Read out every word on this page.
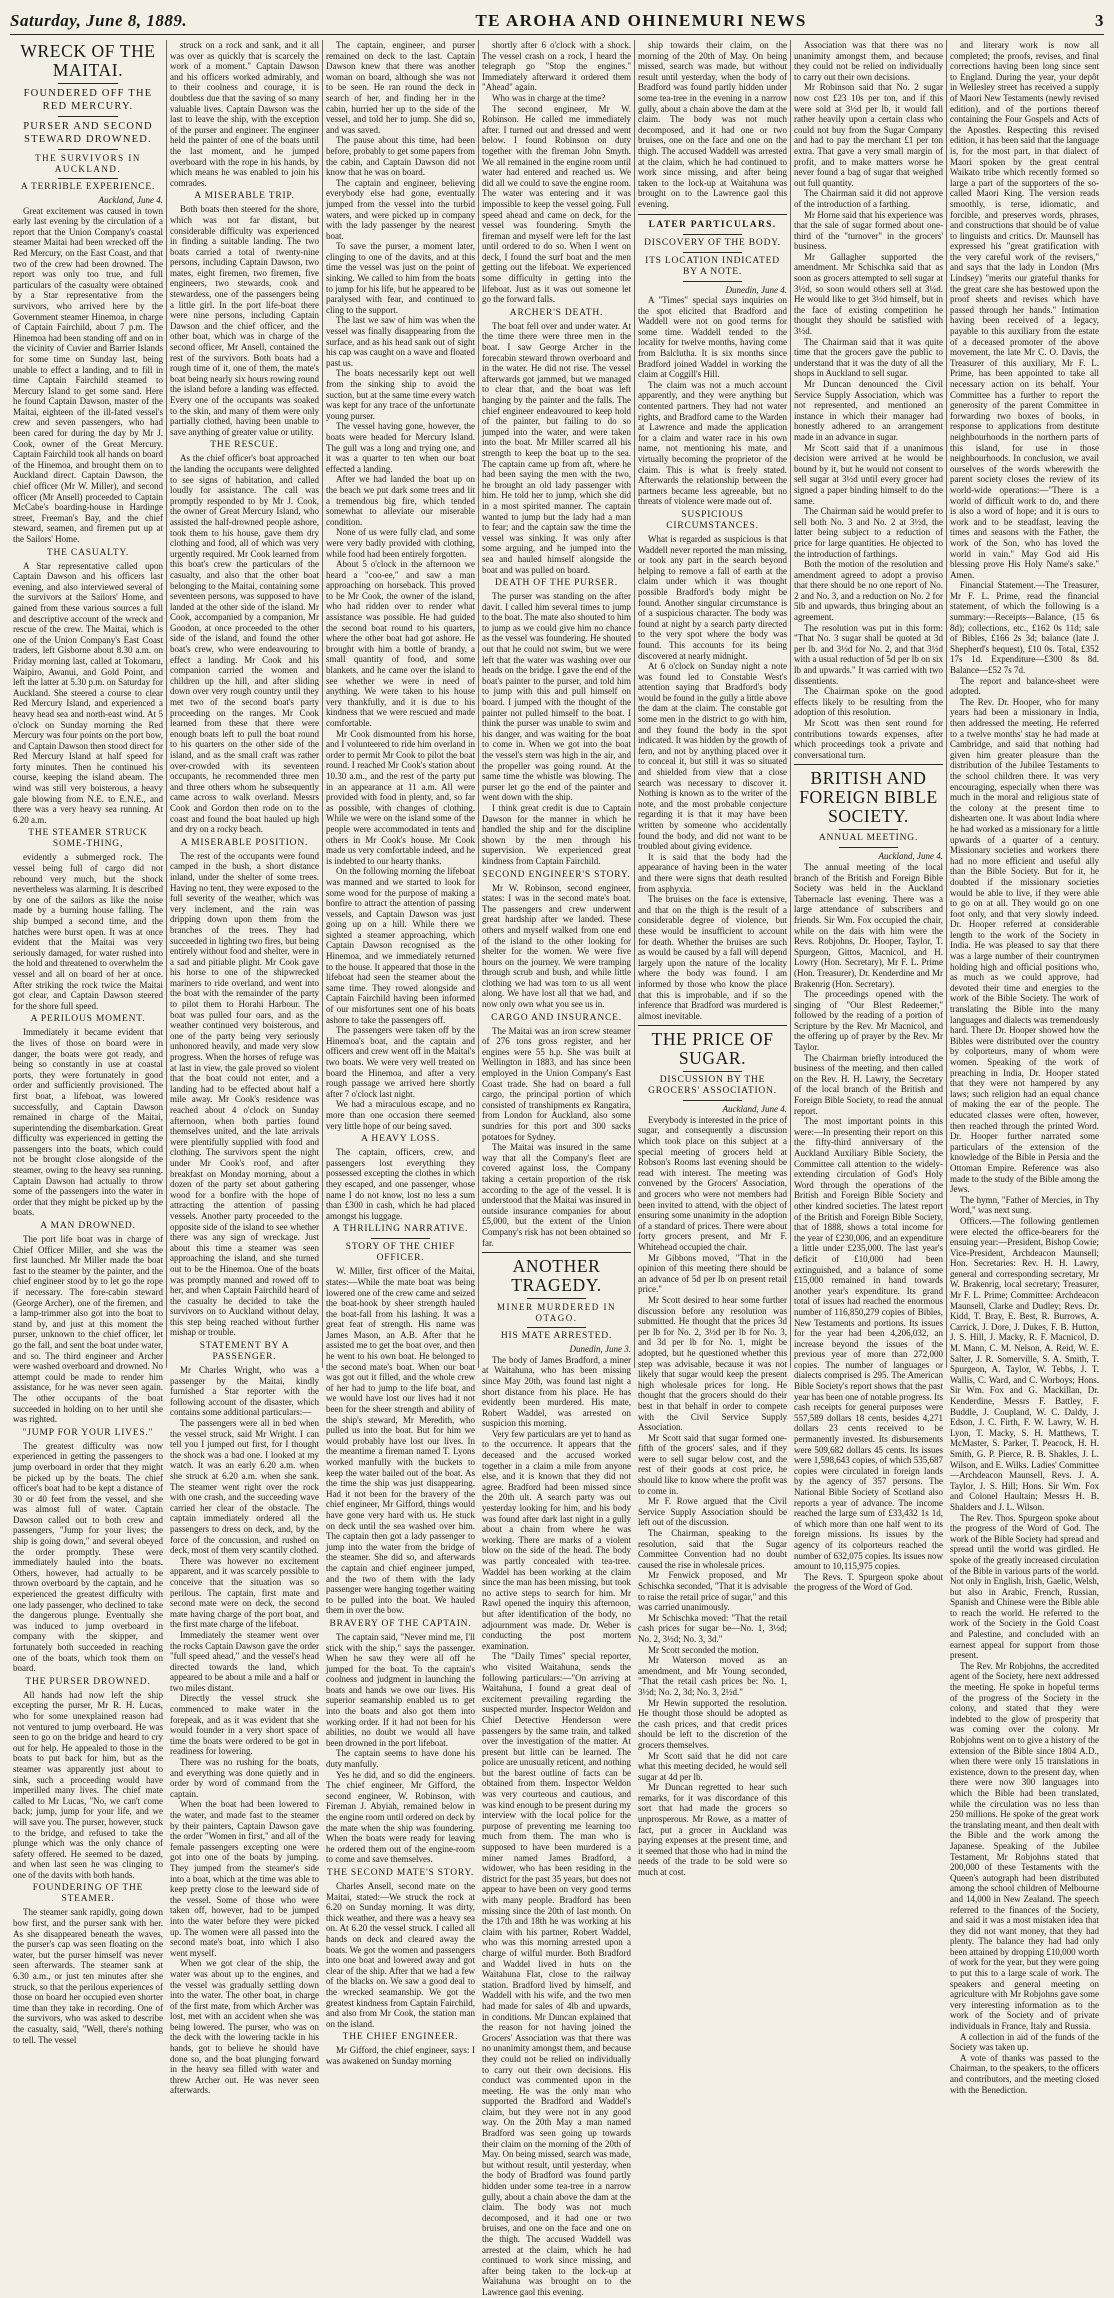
Saturday, June 8, 1889.	TE AROHA AND OHINEMURI NEWS	3
WRECK OF THE MAITAI.
FOUNDERED OFF THE RED MERCURY.
PURSER AND SECOND STEWARD DROWNED.
THE SURVIVORS IN AUCKLAND.
A TERRIBLE EXPERIENCE.

Auckland, June 4.

Great excitement was caused in town early last evening by the circulation of a report that the Union Company's coastal steamer Maitai had been wrecked off the Red Mercury, on the East Coast, and that two of the crew had been drowned. The report was only too true, and full particulars of the casualty were obtained by a Star representative from the survivors, who arrived here by the Government steamer Hinemoa, in charge of Captain Fairchild, about 7 p.m. The Hinemoa had been standing off and on in the vicinity of Cuvier and Barrier Islands for some time on Sunday last, being unable to effect a landing, and to fill in time Captain Fairchild steamed to Mercury Island to get some sand. Here he found Captain Dawson, master of the Maitai, eighteen of the ill-fated vessel's crew and seven passengers, who had been cared for during the day by Mr J. Cook, owner of the Great Mercury. Captain Fairchild took all hands on board of the Hinemoa, and brought them on to Auckland direct. Captain Dawson, the chief officer (Mr W. Miller), and second officer (Mr Ansell) proceeded to Captain McCabe's boarding-house in Hardinge street, Freeman's Bay, and the chief steward, seamen, and firemen put up at the Sailors' Home.

THE CASUALTY.

A Star representative called upon Captain Dawson and his officers last evening, and also interviewed several of the survivors at the Sailors' Home, and gained from these various sources a full and descriptive account of the wreck and rescue of the crew. The Maitai, which is one of the Union Company's East Coast traders, left Gisborne about 8.30 a.m. on Friday morning last, called at Tokomaru, Waipiro, Awanui, and Gold Point, and left the latter at 5.30 p.m. on Saturday for Auckland. She steered a course to clear Red Mercury Island, and experienced a heavy head sea and north-east wind. At 5 o'clock on Sunday morning the Red Mercury was four points on the port bow, and Captain Dawson then stood direct for Red Mercury Island at half speed for forty minutes. Then he continued his course, keeping the island abeam. The wind was still very boisterous, a heavy gale blowing from N.E. to E.N.E., and there was a very heavy sea running. At 6.20 a.m.

THE STEAMER STRUCK SOME-THING,

evidently a submerged rock. The vessel being full of cargo did not rebound very much, but the shock nevertheless was alarming. It is described by one of the sailors as like the noise made by a burning house falling. The ship bumped a second time, and the hatches were burst open. It was at once evident that the Maitai was very seriously damaged, for water rushed into the hold and threatened to overwhelm the vessel and all on board of her at once. After striking the rock twice the Maitai got clear, and Captain Dawson steered for the shore full speed.

A PERILOUS MOMENT.

Immediately it became evident that the lives of those on board were in danger, the boats were got ready, and being so constantly in use at coastal ports, they were fortunately in good order and sufficiently provisioned. The first boat, a lifeboat, was lowered successfully, and Captain Dawson remained in charge of the Maitai, superintending the disembarkation. Great difficulty was experienced in getting the passengers into the boats, which could not be brought close alongside of the steamer, owing to the heavy sea running. Captain Dawson had actually to throw some of the passengers into the water in order that they might be picked up by the boats.

A MAN DROWNED.

The port life boat was in charge of Chief Officer Miller, and she was the first launched. Mr Miller made the boat fast to the steamer by the painter, and the chief engineer stood by to let go the rope if necessary. The fore-cabin steward (George Archer), one of the firemen, and a lamp-trimmer also got into the boat to stand by, and just at this moment the purser, unknown to the chief officer, let go the fall, and sent the boat under water, and so. The third engineer and Archer were washed overboard and drowned. No attempt could be made to render him assistance, for he was never seen again. The other occupants of the boat succeeded in holding on to her until she was righted.

"JUMP FOR YOUR LIVES."

The greatest difficulty was now experienced in getting the passengers to jump overboard in order that they might be picked up by the boats. The chief officer's boat had to be kept a distance of 30 or 40 feet from the vessel, and she was almost full of water. Captain Dawson called out to both crew and passengers, "Jump for your lives; the ship is going down," and several obeyed the order promptly. These were immediately hauled into the boats. Others, however, had actually to be thrown overboard by the captain, and he experienced the greatest difficulty with one lady passenger, who declined to take the dangerous plunge. Eventually she was induced to jump overboard in company with the skipper, and fortunately both succeeded in reaching one of the boats, which took them on board.

THE PURSER DROWNED.

All hands had now left the ship excepting the purser, Mr R. H. Lucas, who for some unexplained reason had not ventured to jump overboard. He was seen to go on the bridge and heard to cry out for help. He appealed to those in the boats to put back for him, but as the steamer was apparently just about to sink, such a proceeding would have imperilled many lives. The chief mate called to Mr Lucas, "No, we can't come back; jump, jump for your life, and we will save you. The purser, however, stuck to the bridge, and refused to take the plunge which was the only chance of safety offered. He seemed to be dazed, and when last seen he was clinging to one of the davits with both hands.

FOUNDERING OF THE STEAMER.

The steamer sank rapidly, going down bow first, and the purser sank with her. As she disappeared beneath the waves, the purser's cap was seen floating on the water, but the purser himself was never seen afterwards. The steamer sank at 6.30 a.m., or just ten minutes after she struck, so that the perilous experiences of those on board her occupied even shorter time than they take in recording. One of the survivors, who was asked to describe the casualty, said, "Well, there's nothing to tell. The vessel

struck on a rock and sank, and it all was over as quickly that is scarcely the work of a moment." Captain Dawson and his officers worked admirably, and to their coolness and courage, it is doubtless due that the saving of so many valuable lives. Captain Dawson was the last to leave the ship, with the exception of the purser and engineer. The engineer held the painter of one of the boats until the last moment, and he jumped overboard with the rope in his hands, by which means he was enabled to join his comrades.

A MISERABLE TRIP.

Both boats then steered for the shore, which was not far distant, but considerable difficulty was experienced in finding a suitable landing. The two boats carried a total of twenty-nine persons, including Captain Dawson, two mates, eight firemen, two firemen, five engineers, two stewards, cook and stewardess, one of the passengers being a little girl. In the port life-boat there were nine persons, including Captain Dawson and the chief officer, and the other boat, which was in charge of the second officer, Mr Ansell, contained the rest of the survivors. Both boats had a rough time of it, one of them, the mate's boat being nearly six hours rowing round the island before a landing was effected. Every one of the occupants was soaked to the skin, and many of them were only partially clothed, having been unable to save anything of greater value or utility.

THE RESCUE.

As the chief officer's boat approached the landing the occupants were delighted to see signs of habitation, and called loudly for assistance. The call was promptly responded to by Mr J. Cook, the owner of Great Mercury Island, who assisted the half-drowned people ashore, took them to his house, gave them dry clothing and food, all of which was very urgently required. Mr Cook learned from this boat's crew the particulars of the casualty, and also that the other boat belonging to the Maitai, containing some seventeen persons, was supposed to have landed at the other side of the island. Mr Cook, accompanied by a companion, Mr Goodon, at once proceeded to the other side of the island, and found the other boat's crew, who were endeavouring to effect a landing. Mr Cook and his companion carried the women and children up the hill, and after sliding down over very rough country until they met two of the second boat's party proceeding on the ranges. Mr Cook learned from these that there were enough boats left to pull the boat round to his quarters on the other side of the island, and as the small craft was rather over-crowded with its seventeen occupants, he recommended three men and three others whom he subsequently came across to walk overland. Messrs Cook and Gordon then rode on to the coast and found the boat hauled up high and dry on a rocky beach.

A MISERABLE POSITION.

The rest of the occupants were found camped in the bush, a short distance inland, under the shelter of some trees. Having no tent, they were exposed to the full severity of the weather, which was very inclement, and the rain was dripping down upon them from the branches of the trees. They had succeeded in lighting two fires, but being entirely without food and shelter, were in a sad and pitiable plight. Mr Cook gave his horse to one of the shipwrecked mariners to ride overland, and went into the boat with the remainder of the party to pilot them to Horahi Harbour. The boat was pulled four oars, and as the weather continued very boisterous, and one of the party being very seriously unhonored heavily, and made very slow progress. When the horses of refuge was at last in view, the gale proved so violent that the boat could not enter, and a landing had to be effected about half a mile away. Mr Cook's residence was reached about 4 o'clock on Sunday afternoon, when both parties found themselves united, and the late arrivals were plentifully supplied with food and clothing. The survivors spent the night under Mr Cook's roof, and after breakfast on Monday morning, about a dozen of the party set about gathering wood for a bonfire with the hope of attracting the attention of passing vessels. Another party proceeded to the opposite side of the island to see whether there was any sign of wreckage. Just about this time a steamer was seen approaching the island, and she turned out to be the Hinemoa. One of the boats was promptly manned and rowed off to her, and when Captain Fairchild heard of the casualty he decided to take the survivors on to Auckland without delay, this step being reached without further mishap or trouble.

STATEMENT BY A PASSENGER.

Mr Charles Wright, who was a passenger by the Maitai, kindly furnished a Star reporter with the following account of the disaster, which contains some additional particulars:—

The passengers were all in bed when the vessel struck, said Mr Wright. I can tell you I jumped out first, for I thought the shock was a bad one. I looked at my watch. It was an early 6.20 a.m. when she struck at 6.20 a.m. when she sank. The steamer went right over the rock with one crash, and the succeeding wave carried her clear of the obstacle. The captain immediately ordered all the passengers to dress on deck, and, by the force of the concussion, and rushed on deck, most of them very scantily clothed.

There was however no excitement apparent, and it was scarcely possible to conceive that the situation was so perilous. The captain, first mate and second mate were on deck, the second mate having charge of the port boat, and the first mate charge of the lifeboat.

Immediately the steamer went over the rocks Captain Dawson gave the order "full speed ahead," and the vessel's head directed towards the land, which appeared to be about a mile and a half or two miles distant.

Directly the vessel struck she commenced to make water in the forepeak, and as it was evident that she would founder in a very short space of time the boats were ordered to be got in readiness for lowering.

There was no rushing for the boats, and everything was done quietly and in order by word of command from the captain.

When the boat had been lowered to the water, and made fast to the steamer by their painters, Captain Dawson gave the order "Women in first," and all of the female passengers excepting one were got into one of the boats by jumping. They jumped from the steamer's side into a boat, which at the time was able to keep pretty close to the leeward side of the vessel. Some of those who were taken off, however, had to be jumped into the water before they were picked up. The women were all passed into the second mate's boat, into which I also went myself.

When we got clear of the ship, the water was about up to the engines, and the vessel was gradually settling down into the water. The other boat, in charge of the first mate, from which Archer was lost, met with an accident when she was being lowered. The purser, who was on the deck with the lowering tackle in his hands, got to believe he should have done so, and the boat plunging forward in the heavy sea filled with water and threw Archer out. He was never seen afterwards.

The captain, engineer, and purser remained on deck to the last. Captain Dawson knew that there was another woman on board, although she was not to be seen. He ran round the deck in search of her, and finding her in the cabin, hurried her up to the side of the vessel, and told her to jump. She did so, and was saved.

The pause about this time, had been before, probably to get some papers from the cabin, and Captain Dawson did not know that he was on board.

The captain and engineer, believing everybody else had gone, eventually jumped from the vessel into the turbid waters, and were picked up in company with the lady passenger by the nearest boat.

To save the purser, a moment later, clinging to one of the davits, and at this time the vessel was just on the point of sinking. We called to him from the boats to jump for his life, but he appeared to be paralysed with fear, and continued to cling to the support.

The last we saw of him was when the vessel was finally disappearing from the surface, and as his head sank out of sight his cap was caught on a wave and floated past us.

The boats necessarily kept out well from the sinking ship to avoid the suction, but at the same time every watch was kept for any trace of the unfortunate young purser.

The vessel having gone, however, the boats were headed for Mercury Island. The gull was a long and trying one, and it was a quarter to ten when our boat effected a landing.

After we had landed the boat up on the beach we put dark some trees and lit a tremendous big fire, which tended somewhat to alleviate our miserable condition.

None of us were fully clad, and some were very badly provided with clothing, while food had been entirely forgotten.

About 5 o'clock in the afternoon we heard a "coo-ee," and saw a man approaching on horseback. This proved to be Mr Cook, the owner of the island, who had ridden over to render what assistance was possible. He had guided the second boat round to his quarters, where the other boat had got ashore. He brought with him a bottle of brandy, a small quantity of food, and some blankets, and he came over the island to see whether we were in need of anything. We were taken to his house very thankfully, and it is due to his kindness that we were rescued and made comfortable.

Mr Cook dismounted from his horse, and I volunteered to ride him overland in order to permit Mr Cook to pilot the boat round. I reached Mr Cook's station about 10.30 a.m., and the rest of the party put in an appearance at 11 a.m. All were provided with food in plenty, and, so far as possible, with changes of clothing. While we were on the island some of the people were accommodated in tents and others in Mr Cook's house. Mr Cook made us very comfortable indeed, and he is indebted to our hearty thanks.

On the following morning the lifeboat was manned and we started to look for some wood for the purpose of making a bonfire to attract the attention of passing vessels, and Captain Dawson was just going up on a hill. While there we sighted a steamer approaching, which Captain Dawson recognised as the Hinemoa, and we immediately returned to the house. It appeared that those in the lifeboat had seen the steamer about the same time. They rowed alongside and Captain Fairchild having been informed of our misfortunes sent one of his boats ashore to take the passengers off.

The passengers were taken off by the Hinemoa's boat, and the captain and officers and crew went off in the Maitai's two boats. We were very well treated on board the Hinemoa, and after a very rough passage we arrived here shortly after 7 o'clock last night.

We had a miraculous escape, and no more than one occasion there seemed very little hope of our being saved.

A HEAVY LOSS.

The captain, officers, crew, and passengers lost everything they possessed excepting the clothes in which they escaped, and one passenger, whose name I do not know, lost no less a sum than £300 in cash, which he had placed amongst his luggage.

A THRILLING NARRATIVE.
STORY OF THE CHIEF OFFICER.

W. Miller, first officer of the Maitai, states:—While the mate boat was being lowered one of the crew came and seized the boat-hook by sheer strength hauled the boat-fall from his lashing. It was a great feat of strength. His name was James Mason, an A.B. After that he assisted me to get the boat over, and then he went to his own boat. He belonged to the second mate's boat. When our boat was got out it filled, and the whole crew of her had to jump to the life boat, and we would have lost our lives had it not been for the sheer strength and ability of the ship's steward, Mr Meredith, who pulled us into the boat. But for him we would probably have lost our lives. In the meantime a fireman named T. Lyons worked manfully with the buckets to keep the water bailed out of the boat. As the time the ship was just disappearing. Had it not been for the bravery of the chief engineer, Mr Gifford, things would have gone very hard with us. He stuck on deck until the sea washed over him. The captain then got a lady passenger to jump into the water from the bridge of the steamer. She did so, and afterwards the captain and chief engineer jumped, and the two of them with the lady passenger were hanging together waiting to be pulled into the boat. We hauled them in over the bow.

BRAVERY OF THE CAPTAIN.

The captain said, "Never mind me, I'll stick with the ship," says the passenger. When he saw they were all off he jumped for the boat. To the captain's coolness and judgment in launching the boats and hands we owe our lives. His superior seamanship enabled us to get into the boats and also got them into working order. If it had not been for his abilities, no doubt we would all have been drowned in the port lifeboat.

The captain seems to have done his duty manfully.

Yes he did, and so did the engineers. The chief engineer, Mr Gifford, the second engineer, W. Robinson, with Fireman J. Abyiah, remained below in the engine room until ordered on deck by the mate when the ship was foundering. When the boats were ready for leaving he ordered them out of the engine-room to come and save themselves.

THE SECOND MATE'S STORY.

Charles Ansell, second mate on the Maitai, stated:—We struck the rock at 6.20 on Sunday morning. It was dirty, thick weather, and there was a heavy sea on. At 6.20 the vessel struck. I called all hands on deck and cleared away the boats. We got the women and passengers into one boat and lowered away and got clear of the ship. After that we had a few of the blacks on. We saw a good deal to the wrecked seamanship. We got the greatest kindness from Captain Fairchild, and also from Mr Cook, the station man on the island.

THE CHIEF ENGINEER.

Mr Gifford, the chief engineer, says: I was awakened on Sunday morning

shortly after 6 o'clock with a shock. The vessel crash on a rock, I heard the telegraph go "Stop the engines." Immediately afterward it ordered them "Ahead" again.

Who was in charge at the time?

The second engineer, Mr W. Robinson. He called me immediately after. I turned out and dressed and went below. I found Robinson on duty together with the fireman John Smyth. We all remained in the engine room until water had entered and reached us. We did all we could to save the engine room. The water was entering and it was impossible to keep the vessel going. Full speed ahead and came on deck, for the vessel was foundering. Smyth the fireman and myself were left for the last until ordered to do so. When I went on deck, I found the surf boat and the men getting out the lifeboat. We experienced some difficulty in getting into the lifeboat. Just as it was out someone let go the forward falls.

ARCHER'S DEATH.

The boat fell over and under water. At the time there were three men in the boat. I saw George Archer in the forecabin steward thrown overboard and in the water. He did not rise. The vessel afterwards got jammed, but we managed to clear that, and the boat was left hanging by the painter and the falls. The chief engineer endeavoured to keep hold of the painter, but failing to do so jumped into the water, and were taken into the boat. Mr Miller scarred all his strength to keep the boat up to the sea. The captain came up from aft, where he had been saying the men with the two, he brought an old lady passenger with him. He told her to jump, which she did in a most spirited manner. The captain wanted to jump but the lady had a man to fear; and the captain saw the time the vessel was sinking. It was only after some arguing, and he jumped into the sea and hauled himself alongside the boat and was pulled on board.

DEATH OF THE PURSER.

The purser was standing on the after davit. I called him several times to jump to the boat. The mate also shouted to him to jump as we could give him no chance as the vessel was foundering. He shouted out that he could not swim, but we were left that the water was washing over our heads on the bridge. I gave the end of the boat's painter to the purser, and told him to jump with this and pull himself on board. I jumped with the thought of the painter not pulled himself to the boat. I think the purser was unable to swim and his danger, and was waiting for the boat to come in. When we got into the boat the vessel's stern was high in the air, and the propeller was going round. At the same time the whistle was blowing. The purser let go the end of the painter and went down with the ship.

I think great credit is due to Captain Dawson for the manner in which he handled the ship and for the discipline shown by the men through his supervision. We experienced great kindness from Captain Fairchild.

SECOND ENGINEER'S STORY.

Mr W. Robinson, second engineer, states: I was in the second mate's boat. The passengers and crew underwent great hardship after we landed. These others and myself walked from one end of the island to the other looking for shelter for the women. We were five hours on the journey. We were tramping through scrub and bush, and while little clothing we had was torn to us all went along. We have lost all that we had, and now only own what you see us in.

CARGO AND INSURANCE.

The Maitai was an iron screw steamer of 276 tons gross register, and her engines were 55 h.p. She was built at Wellington in 1883, and has since been employed in the Union Company's East Coast trade. She had on board a full cargo, the principal portion of which consisted of transhipments ex Rangatira, from London for Auckland, also some sundries for this port and 300 sacks potatoes for Sydney.

The Maitai was insured in the same way that all the Company's fleet are covered against loss, the Company taking a certain proportion of the risk according to the age of the vessel. It is understood that the Maitai was insured in outside insurance companies for about £5,000, but the extent of the Union Company's risk has not been obtained so far.

ANOTHER TRAGEDY.
MINER MURDERED IN OTAGO.
HIS MATE ARRESTED.

Dunedin, June 3.

The body of James Bradford, a miner at Waitahuna, who has been missing since May 20th, was found last night a short distance from his place. He has evidently been murdered. His mate, Robert Waddel, was arrested on suspicion this morning.

Very few particulars are yet to hand as to the occurrence. It appears that the deceased and the accused worked together in a claim a mile from anyone else, and it is known that they did not agree. Bradford had been missed since the 20th ult. A search party was out yesterday looking for him, and his body was found after dark last night in a gully about a chain from where he was working. There are marks of a violent blow on the side of the head. The body was partly concealed with tea-tree. Waddel has been working at the claim since the man has been missing, but took no active steps to search for him. Mr Rawl opened the inquiry this afternoon, but after identification of the body, no adjournment was made. Dr. Weber is conducting the post mortem examination.

The "Daily Times" special reporter, who visited Waitahuna, sends the following particulars:—"On arriving at Waitahuna, I found a great deal of excitement prevailing regarding the suspected murder. Inspector Weldon and Chief Detective Henderson were passengers by the same train, and talked over the investigation of the matter. At present but little can be learned. The police are unusually reticent, and nothing but the barest outline of facts can be obtained from them. Inspector Weldon was very courteous and cautious, and was kind enough to be present during my interview with the local police for the purpose of preventing me learning too much from them. The man who is supposed to have been murdered is a miner named James Bradford, a widower, who has been residing in the district for the past 35 years, but does not appear to have been on very good terms with many people. Bradford has been missing since the 20th of last month. On the 17th and 18th he was working at his claim with his partner, Robert Waddel, who was this morning arrested upon a charge of wilful murder. Both Bradford and Waddel lived in huts on the Waitahuna Flat, close to the railway station. Bradford lived by himself, and Waddell with his wife, and the two men had made for sales of 4lb and upwards, in conditions. Mr Duncan explained that the reason for not having joined the Grocers' Association was that there was no unanimity amongst them, and because they could not be relied on individually to carry out their own decisions. His conduct was commented upon in the meeting. He was the only man who supported the Bradford and Waddel's claim, but they were not in any good way. On the 20th May a man named Bradford was seen going up towards their claim on the morning of the 20th of May. On being missed, search was made, but without result, until yesterday, when the body of Bradford was found partly hidden under some tea-tree in a narrow gully, about a chain above the dam at the claim. The body was not much decomposed, and it had one or two bruises, and one on the face and one on the thigh. The accused Waddell was arrested at the claim, which he had continued to work since missing, and after being taken to the lock-up at Waitahuna was brought on to the Lawrence gaol this evening.

ship towards their claim, on the morning of the 20th of May. On being missed, search was made, but without result until yesterday, when the body of Bradford was found partly hidden under some tea-tree in the evening in a narrow gully, about a chain above the dam at the claim. The body was not much decomposed, and it had one or two bruises, one on the face and one on the thigh. The accused Waddell was arrested at the claim, which he had continued to work since missing, and after being taken to the lock-up at Waitahuna was brought on to the Lawrence gaol this evening.

LATER PARTICULARS.
DISCOVERY OF THE BODY.
ITS LOCATION INDICATED BY A NOTE.

Dunedin, June 4.

A "Times" special says inquiries on the spot elicited that Bradford and Waddell were not on good terms for some time. Waddell tended to the locality for twelve months, having come from Balclutha. It is six months since Bradford joined Waddel in working the claim at Coggill's Hill.

The claim was not a much account apparently, and they were anything but contented partners. They had not water rights, and Bradford came to the Warden at Lawrence and made the application for a claim and water race in his own name, not mentioning his mate, and virtually becoming the proprietor of the claim. This is what is freely stated. Afterwards the relationship between the partners became less agreeable, but no threats of violence were made out of.

SUSPICIOUS CIRCUMSTANCES.

What is regarded as suspicious is that Waddell never reported the man missing, or took any part in the search beyond helping to remove a fall of earth at the claim under which it was thought possible Bradford's body might be found. Another singular circumstance is of a suspicious character. The body was found at night by a search party directed to the very spot where the body was found. This accounts for its being discovered at nearly midnight.

At 6 o'clock on Sunday night a note was found led to Constable West's attention saying that Bradford's body would be found in the gully a little above the dam at the claim. The constable got some men in the district to go with him, and they found the body in the spot indicated. It was hidden by the growth of fern, and not by anything placed over it to conceal it, but still it was so situated and shielded from view that a close search was necessary to discover it. Nothing is known as to the writer of the note, and the most probable conjecture regarding it is that it may have been written by someone who accidentally found the body, and did not want to be troubled about giving evidence.

It is said that the body had the appearance of having been in the water and there were signs that death resulted from asphyxia.

The bruises on the face is extensive, and that on the thigh is the result of a considerable degree of violence, but these would be insufficient to account for death. Whether the bruises are such as would be caused by a fall will depend largely upon the nature of the locality where the body was found. I am informed by those who know the place that this is improbable, and if so the inference that Bradford was murdered is almost inevitable.

THE PRICE OF SUGAR.
DISCUSSION BY THE GROCERS' ASSOCIATION.

Auckland, June 4.

Everybody is interested in the price of sugar, and consequently a discussion which took place on this subject at a special meeting of grocers held at Robson's Rooms last evening should be read with interest. The meeting was convened by the Grocers' Association, and grocers who were not members had been invited to attend, with the object of ensuring some unanimity in the adoption of a standard of prices. There were about forty grocers present, and Mr F. Whitehead occupied the chair.

Mr Gibbons moved, "That in the opinion of this meeting there should be an advance of 5d per lb on present retail price."

Mr Scott desired to hear some further discussion before any resolution was submitted. He thought that the prices 3d per lb for No. 2, 3½d per lb for No. 3, and 3d per lb for No. 1, might be adopted, but he questioned whether this step was advisable, because it was not likely that sugar would keep the present high wholesale prices for long. He thought that the grocers should do their best in that behalf in order to compete with the Civil Service Supply Association.

Mr Scott said that sugar formed one-fifth of the grocers' sales, and if they were to sell sugar below cost, and the rest of their goods at cost price, he should like to know where the profit was to come in.

Mr F. Rowe argued that the Civil Service Supply Association should be left out of the discussion.

The Chairman, speaking to the resolution, said that the Sugar Committee Convention had no doubt caused the rise in wholesale prices.

Mr Fenwick proposed, and Mr Schischka seconded, "That it is advisable to raise the retail price of sugar," and this was carried unanimously.

Mr Schischka moved: "That the retail cash prices for sugar be—No. 1, 3½d; No. 2, 3½d; No. 3, 3d."

Mr Scott seconded the motion.

Mr Waterson moved as an amendment, and Mr Young seconded, "That the retail cash prices be: No. 1, 3½d; No. 2, 3d; No. 3, 2½d."

Mr Hewin supported the resolution. He thought those should be adopted as the cash prices, and that credit prices should be left to the discretion of the grocers themselves.

Mr Scott said that he did not care what this meeting decided, he would sell sugar at 4d per lb.

Mr Duncan regretted to hear such remarks, for it was discordance of this sort that had made the grocers so unprosperous. Mr Rowe, as a matter of fact, put a grocer in Auckland was paying expenses at the present time, and it seemed that those who had in mind the needs of the trade to be sold were so much at cost.

Association was that there was no unanimity amongst them, and because they could not be relied on individually to carry out their own decisions.

Mr Robinson said that No. 2 sugar now cost £23 10s per ton, and if this were sold at 3½d per lb, it would fall rather heavily upon a certain class who could not buy from the Sugar Company and had to pay the merchant £1 per ton extra. That gave a very small margin of profit, and to make matters worse he never found a bag of sugar that weighed out full quantity.

The Chairman said it did not approve of the introduction of a farthing.

Mr Horne said that his experience was that the sale of sugar formed about one-third of the "turnover" in the grocers' business.

Mr Gallagher supported the amendment. Mr Schischka said that as soon as grocers attempted to sell sugar at 3½d, so soon would others sell at 3¼d. He would like to get 3½d himself, but in the face of existing competition he thought they should be satisfied with 3½d.

The Chairman said that it was quite time that the grocers gave the public to understand that it was the duty of all the shops in Auckland to sell sugar.

Mr Duncan denounced the Civil Service Supply Association, which was not represented, and mentioned an instance in which their manager had honestly adhered to an arrangement made in an advance in sugar.

Mr Scott said that if a unanimous decision were arrived at he would be bound by it, but he would not consent to sell sugar at 3½d until every grocer had signed a paper binding himself to do the same.

The Chairman said he would prefer to sell both No. 3 and No. 2 at 3½d, the latter being subject to a reduction of price for large quantities. He objected to the introduction of farthings.

Both the motion of the resolution and amendment agreed to adopt a proviso that there should be no one report of No. 2 and No. 3, and a reduction on No. 2 for 5lb and upwards, thus bringing about an agreement.

The resolution was put in this form: "That No. 3 sugar shall be quoted at 3d per lb. and 3½d for No. 2, and that 3½d with a usual reduction of 5d per lb on six lb and upwards." It was carried with two dissentients.

The Chairman spoke on the good effects likely to be resulting from the adoption of this resolution.

Mr Scott was then sent round for contributions towards expenses, after which proceedings took a private and conversational turn.

BRITISH AND FOREIGN BIBLE SOCIETY.
ANNUAL MEETING.

Auckland, June 4.

The annual meeting of the local branch of the British and Foreign Bible Society was held in the Auckland Tabernacle last evening. There was a large attendance of subscribers and friends. Sir Wm. Fox occupied the chair, while on the dais with him were the Revs. Robjohns, Dr. Hooper, Taylor, T. Spurgeon, Gittos, Macnicol, and H. Lowry (Hon. Secretary), Mr F. L. Prime (Hon. Treasurer), Dr. Kenderdine and Mr Brakenrig (Hon. Secretary).

The proceedings opened with the singing of "Our Blest Redeemer," followed by the reading of a portion of Scripture by the Rev. Mr Macnicol, and the offering up of prayer by the Rev. Mr Taylor.

The Chairman briefly introduced the business of the meeting, and then called on the Rev. H. H. Lawry, the Secretary of the local branch of the British and Foreign Bible Society, to read the annual report.

The most important points in this were:—In presenting their report on this the fifty-third anniversary of the Auckland Auxiliary Bible Society, the Committee call attention to the widely-extending circulation of God's Holy Word through the operations of the British and Foreign Bible Society and other kindred societies. The latest report of the British and Foreign Bible Society, that of 1888, shows a total income for the year of £230,006, and an expenditure a little under £235,000. The last year's deficit of £10,000 had been extinguished, and a balance of some £15,000 remained in hand towards another year's expenditure. Its grand total of issues had reached the enormous number of 116,850,279 copies of Bibles, New Testaments and portions. Its issues for the year had been 4,206,032, an increase beyond the issues of the previous year of more than 272,000 copies. The number of languages or dialects comprised is 295. The American Bible Society's report shows that the past year has been one of notable progress. Its cash receipts for general purposes were 557,589 dollars 18 cents, besides 4,271 dollars 23 cents received to be permanently invested. Its disbursements were 509,682 dollars 45 cents. Its issues were 1,598,643 copies, of which 535,687 copies were circulated in foreign lands by the agency of 357 persons. The National Bible Society of Scotland also reports a year of advance. The income reached the large sum of £33,432 1s 1d, of which more than one half went to its foreign missions. Its issues by the agency of its colporteurs reached the number of 632,075 copies. Its issues now amount to 10,115,975 copies.

The Revs. T. Spurgeon spoke about the progress of the Word of God.

and literary work is now all completed; the proofs, revises, and final corrections having been long since sent to England. During the year, your depôt in Wellesley street has received a supply of Maori New Testaments (newly revised edition), and of the portions thereof containing the Four Gospels and Acts of the Apostles. Respecting this revised edition, it has been said that the language is, for the most part, in that dialect of Maori spoken by the great central Waikato tribe which recently formed so large a part of the supporters of the so-called Maori King. The version reads smoothly, is terse, idiomatic, and forcible, and preserves words, phrases, and constructions that should be of value to linguists and critics. Dr. Maunsell has expressed his "great gratification with the very careful work of the revisers," and says that the lady in London (Mrs Lindsey) "merits our grateful thanks for the great care she has bestowed upon the proof sheets and revises which have passed through her hands." Intimation having been received of a legacy, payable to this auxiliary from the estate of a deceased promoter of the above movement, the late Mr C. O. Davis, the Treasurer of this auxiliary, Mr F. L. Prime, has been appointed to take all necessary action on its behalf. Your Committee has a further to report the generosity of the parent Committee in forwarding two boxes of books, in response to applications from destitute neighbourhoods in the northern parts of this island, for use in those neighbourhoods. In conclusion, we avail ourselves of the words wherewith the parent society closes the review of its world-wide operations:—"There is a world of difficult work to do, and there is also a word of hope; and it is ours to work and to be steadfast, leaving the times and seasons with the Father, the work of the Son, who has loved the world in vain." May God aid His blessing prove His Holy Name's sake." Amen.

Financial Statement.—The Treasurer, Mr F. L. Prime, read the financial statement, of which the following is a summary:—Receipts—Balance, (15 6s 8d); collections, etc., £162 0s 11d; sale of Bibles, £166 2s 3d; balance (late J. Shepherd's bequest), £10 0s. Total, £352 17s 1d. Expenditure—£300 8s 8d. Balance—£52 7s 7d.

The report and balance-sheet were adopted.

The Rev. Dr. Hooper, who for many years had been a missionary in India, then addressed the meeting. He referred to a twelve months' stay he had made at Cambridge, and said that nothing had given him greater pleasure than the distribution of the Jubilee Testaments to the school children there. It was very encouraging, especially when there was much in the moral and religious state of the colony at the present time to dishearten one. It was about India where he had worked as a missionary for a little upwards of a quarter of a century. Missionary societies and workers there had no more efficient and useful ally than the Bible Society. But for it, he doubted if the missionary societies would be able to live, if they were able to go on at all. They would go on one foot only, and that very slowly indeed. Dr. Hooper referred at considerable length to the work of the Society in India. He was pleased to say that there was a large number of their countrymen holding high and official positions who, as much as we could approve, had devoted their time and energies to the work of the Bible Society. The work of translating the Bible into the many languages and dialects was tremendously hard. There Dr. Hooper showed how the Bibles were distributed over the country by colporteurs, many of whom were women. Speaking of the work of preaching in India, Dr. Hooper stated that they were not hampered by any laws; such religion had an equal chance of making the ear of the people. The educated classes were often, however, then reached through the printed Word. Dr. Hooper further narrated some particulars of the extension of the knowledge of the Bible in Persia and the Ottoman Empire. Reference was also made to the study of the Bible among the Jews.

The hymn, "Father of Mercies, in Thy Word," was next sung.

Officers.—The following gentlemen were elected the office-bearers for the ensuing year:—President, Bishop Cowie; Vice-President, Archdeacon Maunsell; Hon. Secretaries: Rev. H. H. Lawry, general and corresponding secretary, Mr W. Brakenrig, local secretary; Treasurer, Mr F. L. Prime; Committee: Archdeacon Maunsell, Clarke and Dudley; Revs. Dr. Kidd, T. Bray, E. Best, R. Burrows, A. Carrick, J. Dore, J. Dukes, F. B. Hutton, J. S. Hill, J. Macky, R. F. Macnicol, D. M. Mann, C. M. Nelson, A. Reid, W. E. Salter, J. R. Somerville, S. A. Smith, T. Spurgeon, A. Taylor, W. Tebbs, J. T. Wallis, C. Ward, and C. Worboys; Hons. Sir Wm. Fox and G. Mackillan, Dr. Kenderdine, Messrs F. Battley, F. Buddle, J. Coupland, W. C. Daldy, J. Edson, J. C. Firth, F. W. Lawry, W. H. Lyon, T. Macky, S. H. Matthews, T. McMaster, S. Parker, T. Peacock, H. H. Smith, G. P. Pierce, R. B. Shakles, J. L. Wilson, and E. Wilks. Ladies' Committee—Archdeacon Maunsell, Revs. J. A. Taylor, J. S. Hill; Hons. Sir Wm. Fox and Colonel Haultain; Messrs H. B. Shalders and J. L. Wilson.

The Rev. Thos. Spurgeon spoke about the progress of the Word of God. The work of the Bible Society had spread and spread until the world was girdled. He spoke of the greatly increased circulation of the Bible in various parts of the world. Not only in English, Irish, Gaelic, Welsh, but also in Arabic, French, Russian, Spanish and Chinese were the Bible able to reach the world. He referred to the work of the Society in the Gold Coast and Palestine, and concluded with an earnest appeal for support from those present.

The Rev. Mr Robjohns, the accredited agent of the Society, here next addressed the meeting. He spoke in hopeful terms of the progress of the Society in the colony, and stated that they were indebted to the glow of prosperity that was coming over the colony. Mr Robjohns went on to give a history of the extension of the Bible since 1804 A.D., when there were only 15 translations in existence, down to the present day, when there were now 300 languages into which the Bible had been translated, while the circulation was no less than 250 millions. He spoke of the great work the translating meant, and then dealt with the Bible and the work among the Japanese. Speaking of the Jubilee Testament, Mr Robjohns stated that 200,000 of these Testaments with the Queen's autograph had been distributed among the school children of Melbourne and 14,000 in New Zealand. The speech referred to the finances of the Society, and said it was a most mistaken idea that they did not want money, that they had plenty. The balance they had had only been attained by dropping £10,000 worth of work for the year, but they were going to put this to a large scale of work. The speakers and general meeting on agriculture with Mr Robjohns gave some very interesting information as to the work of the Society and of private individuals in France, Italy and Russia.

A collection in aid of the funds of the Society was taken up.

A vote of thanks was passed to the Chairman, to the speakers, to the officers and contributors, and the meeting closed with the Benediction.
